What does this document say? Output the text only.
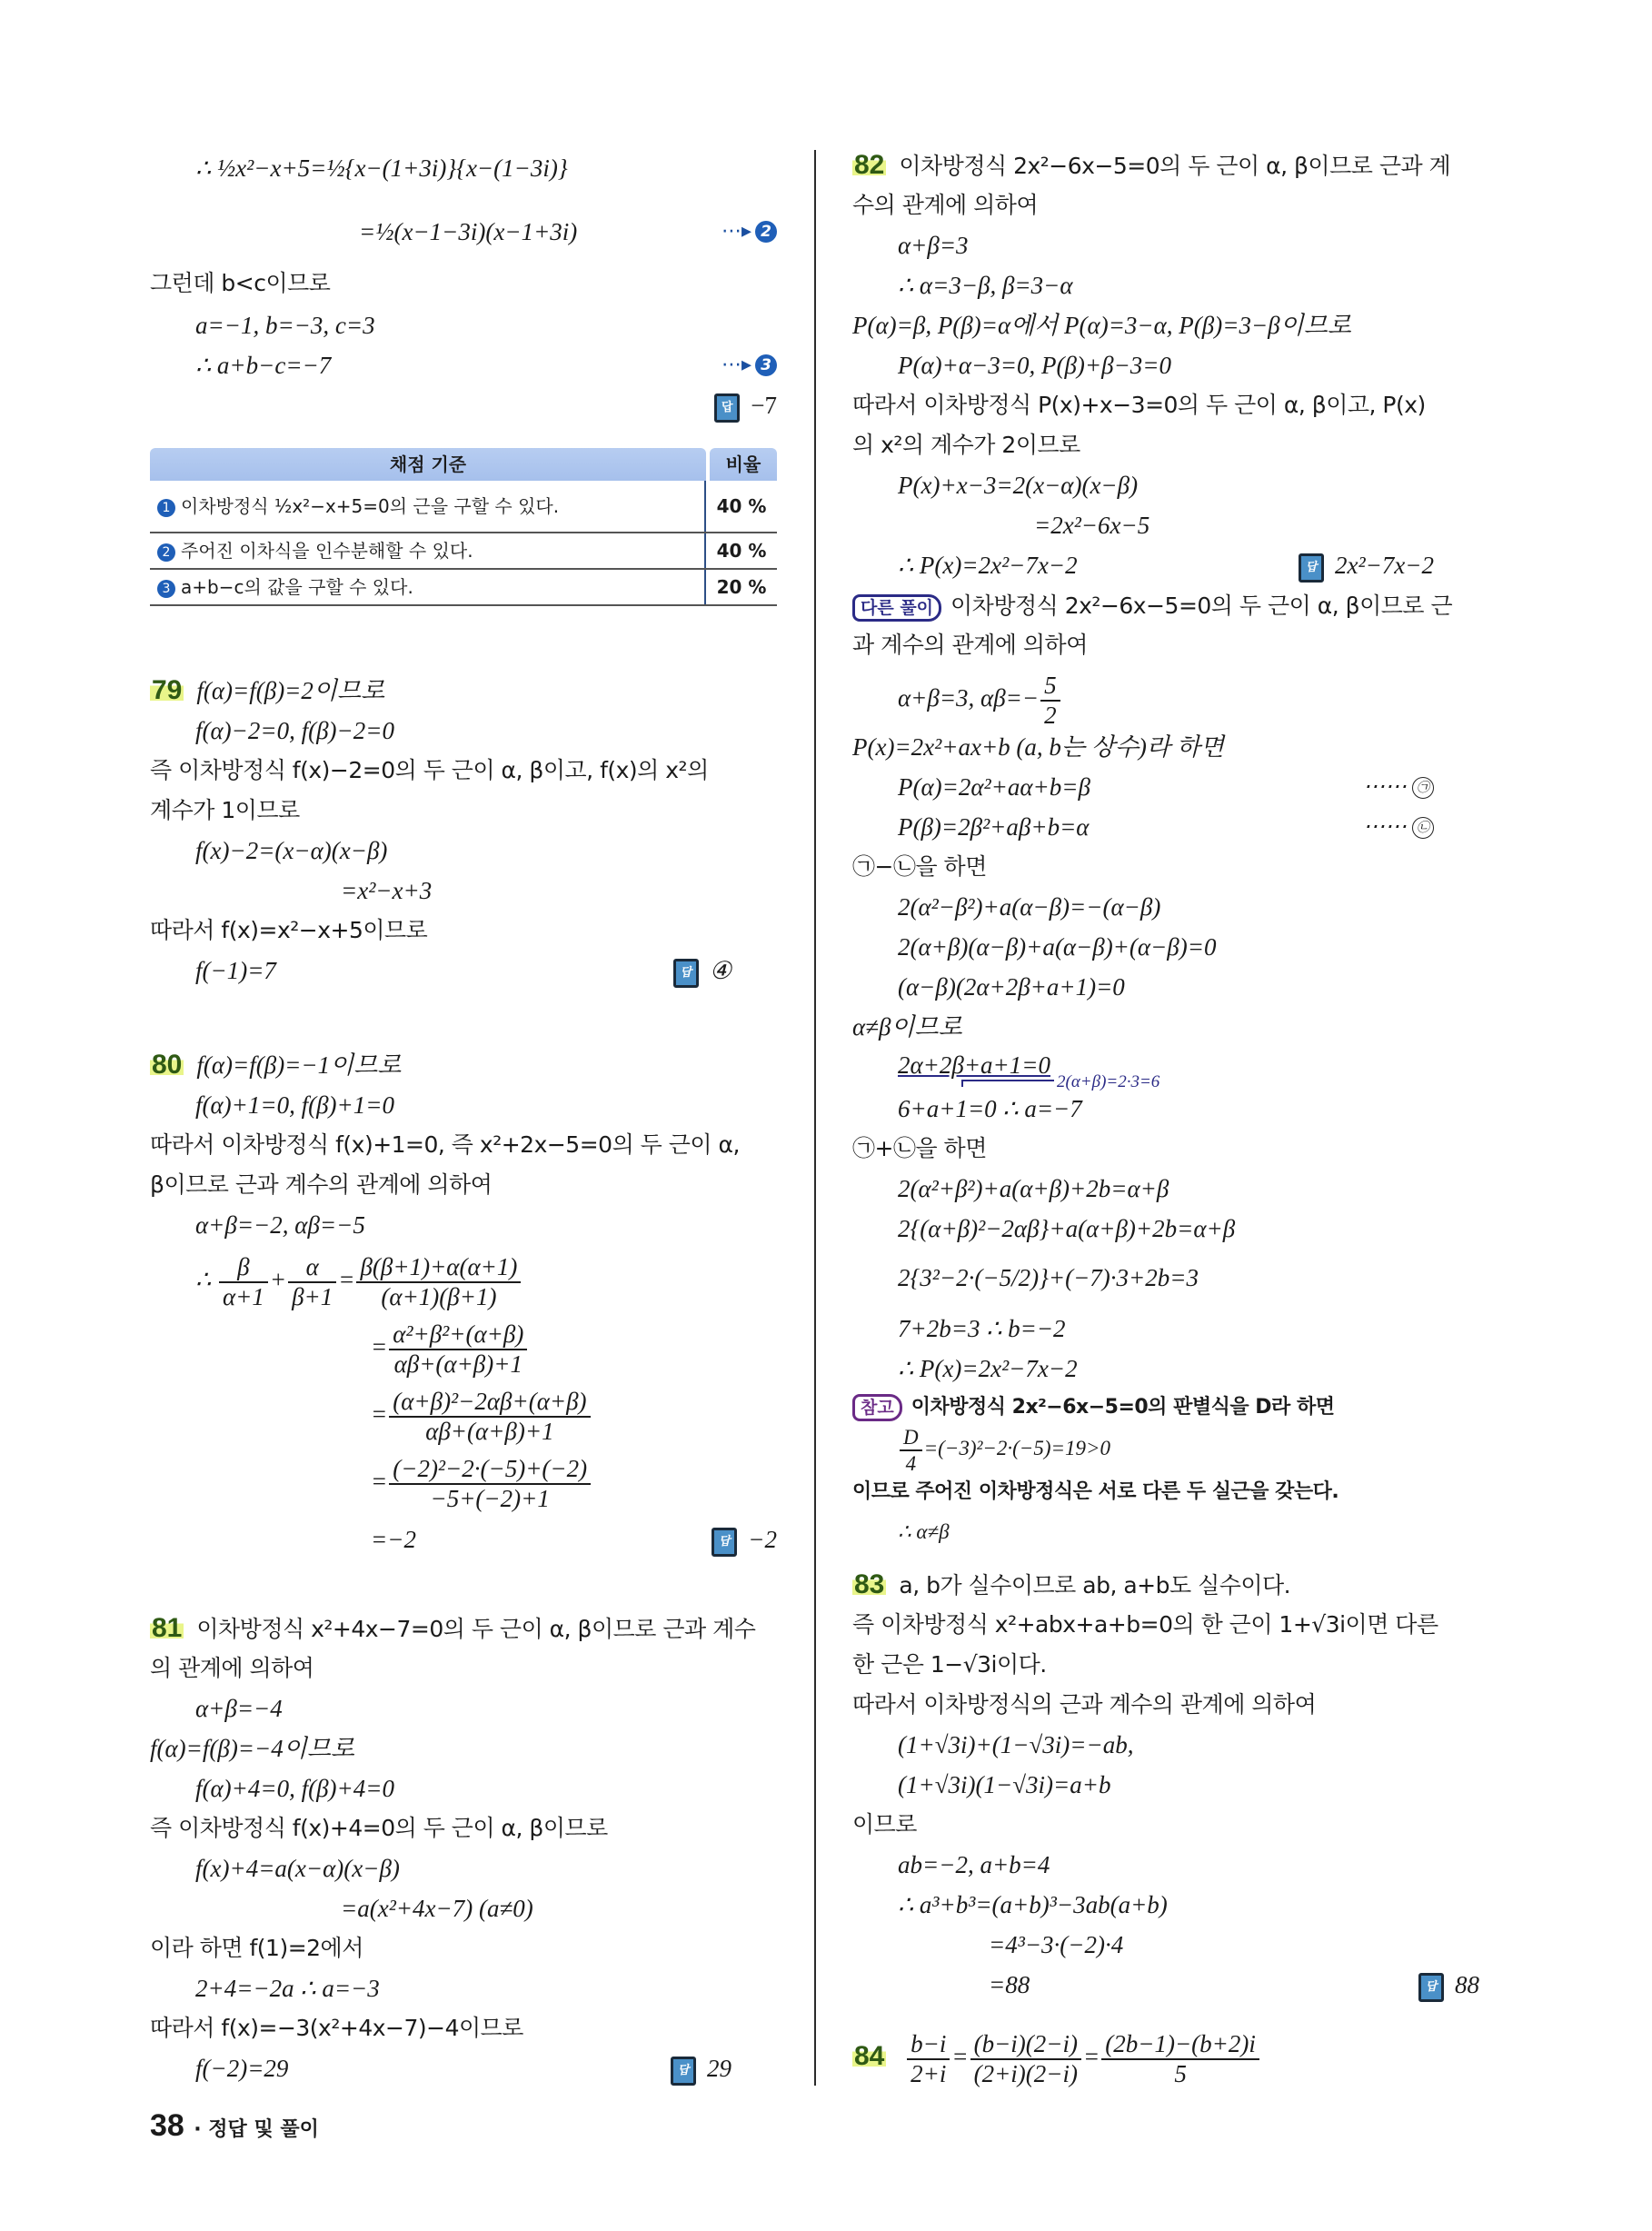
∴ ½x²−x+5=½{x−(1+3i)}{x−(1−3i)}
=½(x−1−3i)(x−1+3i)	⋯▸ 2
그런데 b<c이므로
a=−1, b=−3, c=3
∴ a+b−c=−7	⋯▸ 3
답 −7
채점 기준	비율
1 이차방정식 ½x²−x+5=0의 근을 구할 수 있다.	40 %
2 주어진 이차식을 인수분해할 수 있다.	40 %
3 a+b−c의 값을 구할 수 있다.	20 %
79 f(α)=f(β)=2이므로
f(α)−2=0, f(β)−2=0
즉 이차방정식 f(x)−2=0의 두 근이 α, β이고, f(x)의 x²의
계수가 1이므로
f(x)−2=(x−α)(x−β)
=x²−x+3
따라서 f(x)=x²−x+5이므로
f(−1)=7	답 ④
80 f(α)=f(β)=−1이므로
f(α)+1=0, f(β)+1=0
따라서 이차방정식 f(x)+1=0, 즉 x²+2x−5=0의 두 근이 α,
β이므로 근과 계수의 관계에 의하여
α+β=−2, αβ=−5
∴ $\frac{\beta}{\alpha+1} + \frac{\alpha}{\beta+1} = \frac{\beta(\beta+1)+\alpha(\alpha+1)}{(\alpha+1)(\beta+1)}$
= $\frac{\text{α²+β²+(α+β)}}{\alpha\beta+(\alpha+\beta)+1}$
= $\frac{\text{(α+β)²−2αβ+(α+β)}}{\alpha\beta+(\alpha+\beta)+1}$
= $\frac{\text{(−2)²−2·(−5)+(−2)}}{-5+(-2)+1}$
=−2	답 −2
81 이차방정식 x²+4x−7=0의 두 근이 α, β이므로 근과 계수
의 관계에 의하여
α+β=−4
f(α)=f(β)=−4이므로
f(α)+4=0, f(β)+4=0
즉 이차방정식 f(x)+4=0의 두 근이 α, β이므로
f(x)+4=a(x−α)(x−β)
=a(x²+4x−7) (a≠0)
이라 하면 f(1)=2에서
2+4=−2a ∴ a=−3
따라서 f(x)=−3(x²+4x−7)−4이므로
f(−2)=29	답 29
82 이차방정식 2x²−6x−5=0의 두 근이 α, β이므로 근과 계
수의 관계에 의하여
α+β=3
∴ α=3−β, β=3−α
P(α)=β, P(β)=α에서 P(α)=3−α, P(β)=3−β이므로
P(α)+α−3=0, P(β)+β−3=0
따라서 이차방정식 P(x)+x−3=0의 두 근이 α, β이고, P(x)
의 x²의 계수가 2이므로
P(x)+x−3=2(x−α)(x−β)
=2x²−6x−5
∴ P(x)=2x²−7x−2	답 2x²−7x−2
다른 풀이 이차방정식 2x²−6x−5=0의 두 근이 α, β이므로 근
과 계수의 관계에 의하여
α+β=3, $\alpha\beta=- \frac{5}{2}$
P(x)=2x²+ax+b (a, b는 상수)라 하면
P(α)=2α²+aα+b=β	⋯⋯ ㉠
P(β)=2β²+aβ+b=α	⋯⋯ ㉡
㉠−㉡을 하면
2(α²−β²)+a(α−β)=−(α−β)
2(α+β)(α−β)+a(α−β)+(α−β)=0
(α−β)(2α+2β+a+1)=0
α≠β이므로
2α+2β+a+1=0
2(α+β)=2·3=6
6+a+1=0 ∴ a=−7
㉠+㉡을 하면
2(α²+β²)+a(α+β)+2b=α+β
2{(α+β)²−2αβ}+a(α+β)+2b=α+β
2{3²−2·(−5/2)}+(−7)·3+2b=3
7+2b=3 ∴ b=−2
∴ P(x)=2x²−7x−2
참고 이차방정식 2x²−6x−5=0의 판별식을 D라 하면
$\frac{D}{4} =(-3)^2-2\cdot(-5)=19>0$
이므로 주어진 이차방정식은 서로 다른 두 실근을 갖는다.
∴ α≠β
83 a, b가 실수이므로 ab, a+b도 실수이다.
즉 이차방정식 x²+abx+a+b=0의 한 근이 1+√3i이면 다른
한 근은 1−√3i이다.
따라서 이차방정식의 근과 계수의 관계에 의하여
(1+√3i)+(1−√3i)=−ab,
(1+√3i)(1−√3i)=a+b
이므로
ab=−2, a+b=4
∴ a³+b³=(a+b)³−3ab(a+b)
=4³−3·(−2)·4
=88	답 88
$84 \frac{b-i}{2+i} = \frac{(b-i)(2-i)}{(2+i)(2-i)} = \frac{(2b-1)-(b+2)i}{5}$
38 · 정답 및 풀이
